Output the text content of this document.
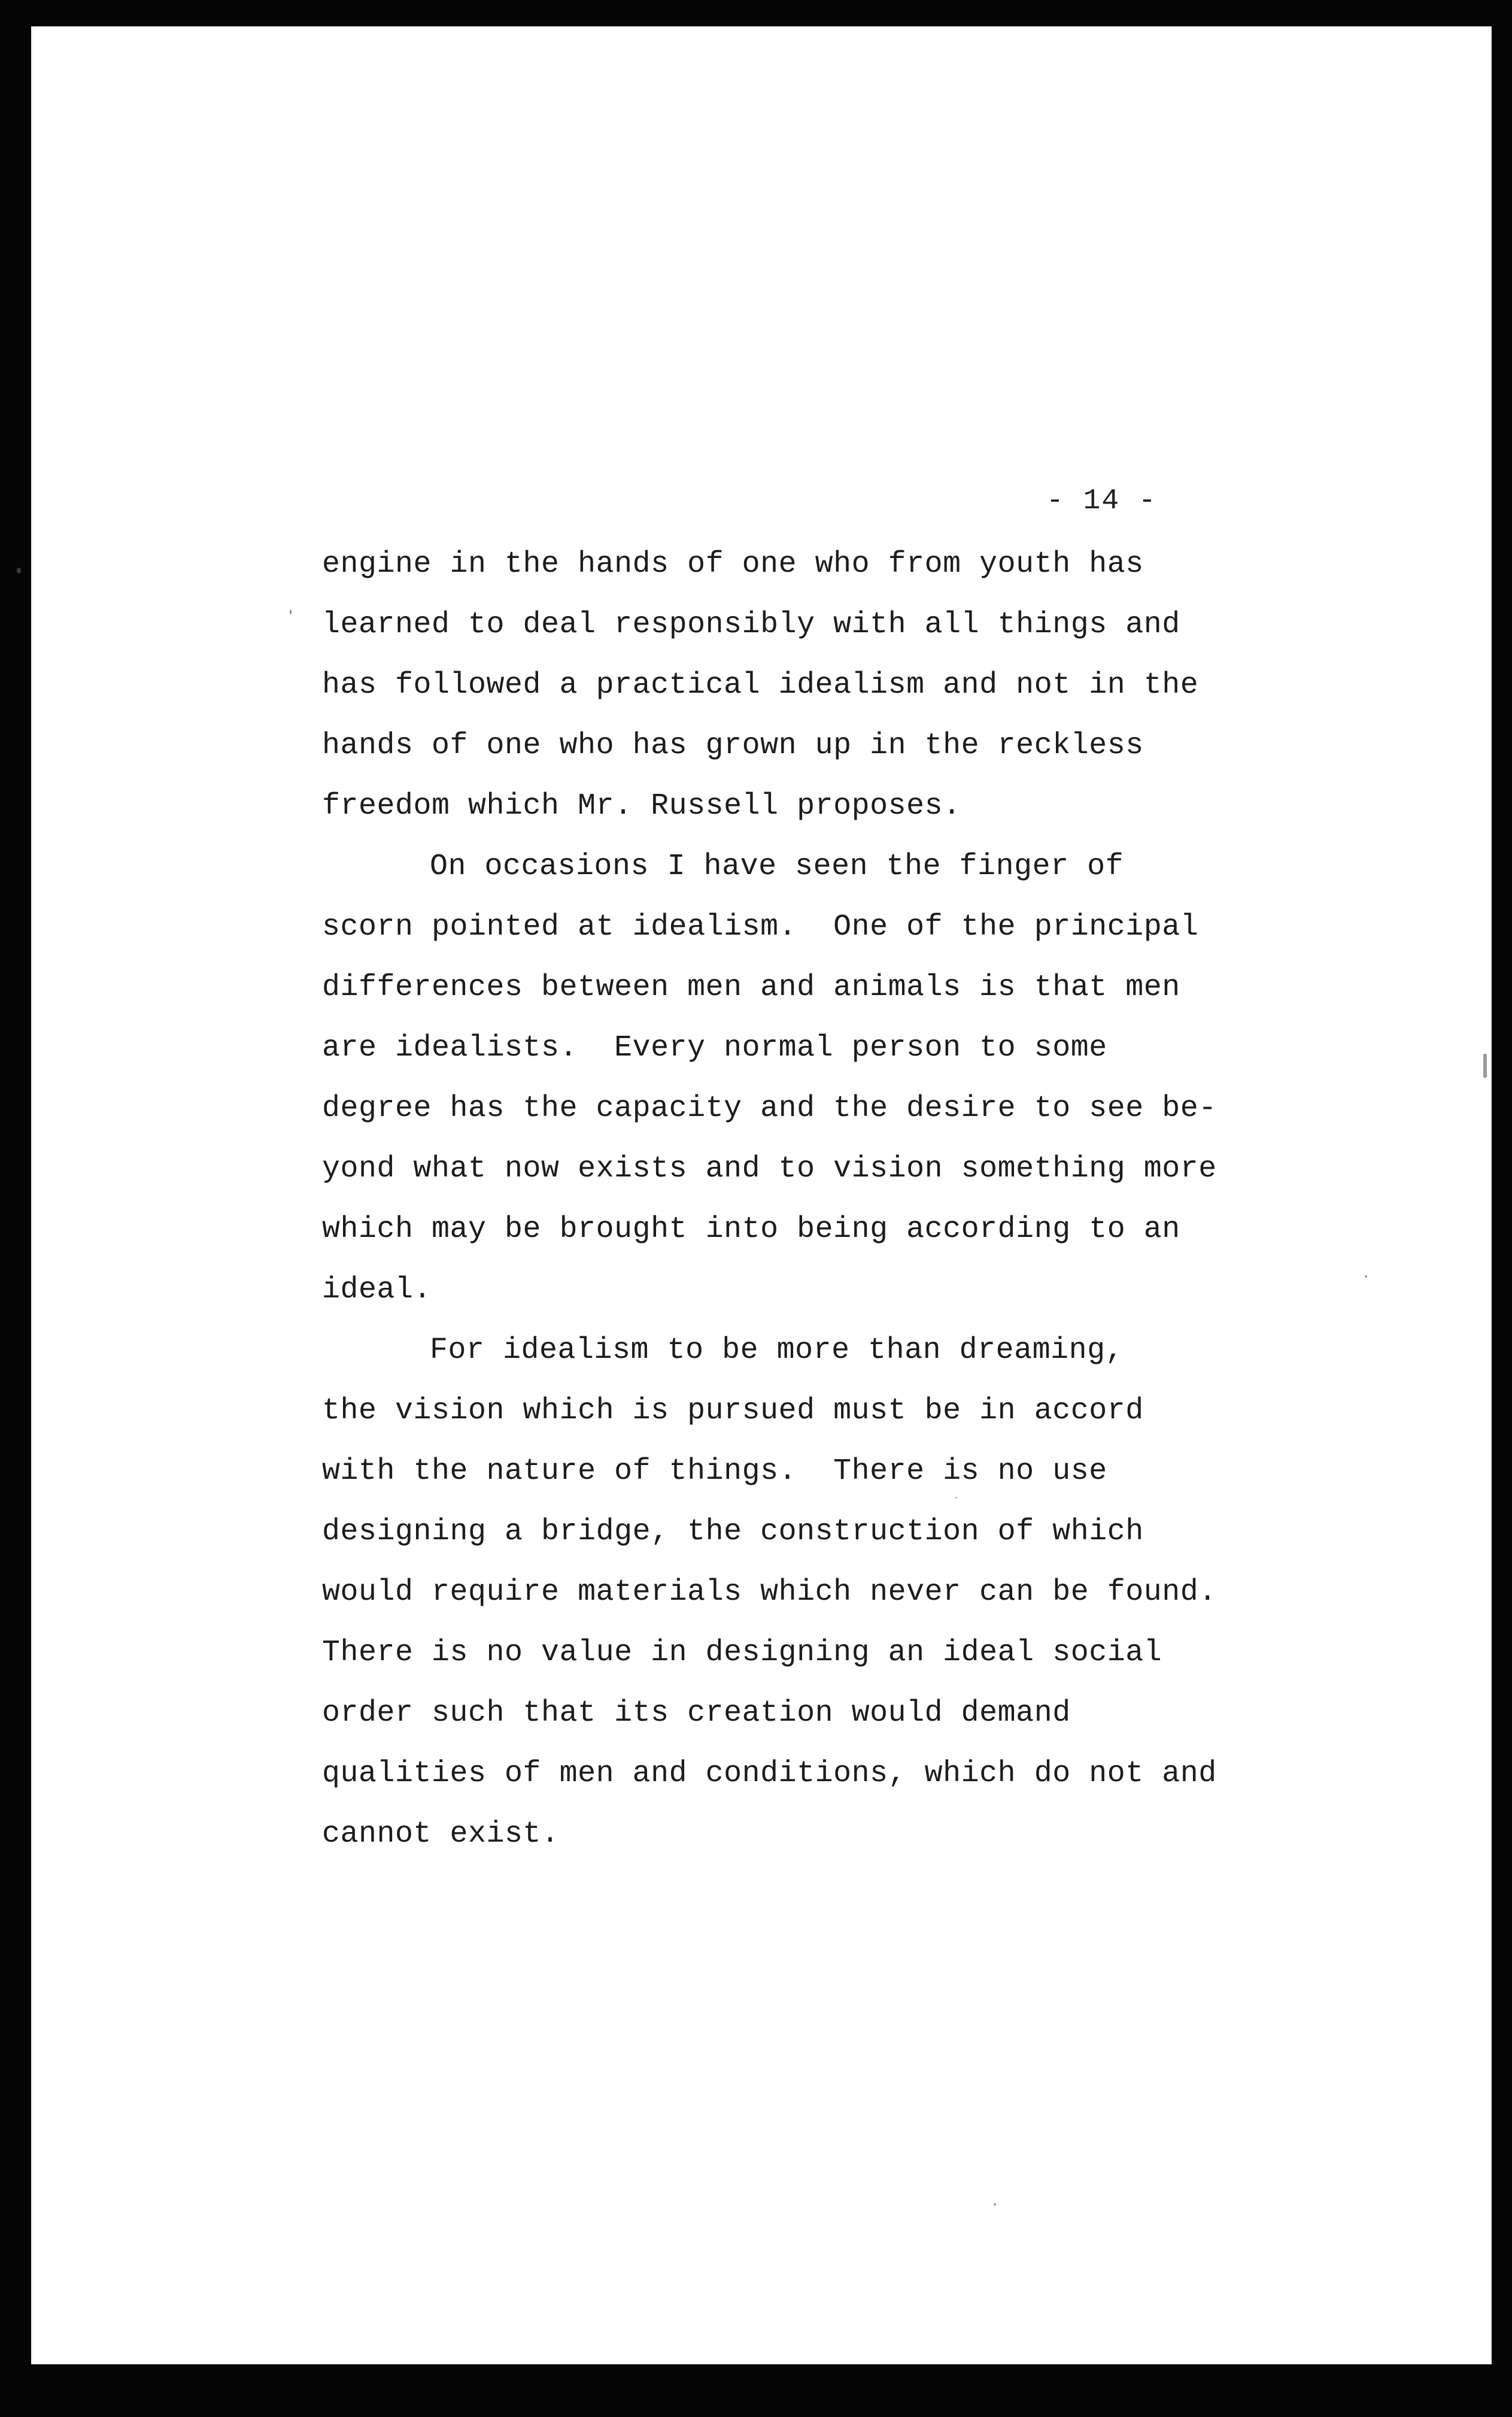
- 14 -
engine in the hands of one who from youth has
learned to deal responsibly with all things and
has followed a practical idealism and not in the
hands of one who has grown up in the reckless
freedom which Mr. Russell proposes.
On occasions I have seen the finger of
scorn pointed at idealism.  One of the principal
differences between men and animals is that men
are idealists.  Every normal person to some
degree has the capacity and the desire to see be-
yond what now exists and to vision something more
which may be brought into being according to an
ideal.
For idealism to be more than dreaming,
the vision which is pursued must be in accord
with the nature of things.  There is no use
designing a bridge, the construction of which
would require materials which never can be found.
There is no value in designing an ideal social
order such that its creation would demand
qualities of men and conditions, which do not and
cannot exist.
